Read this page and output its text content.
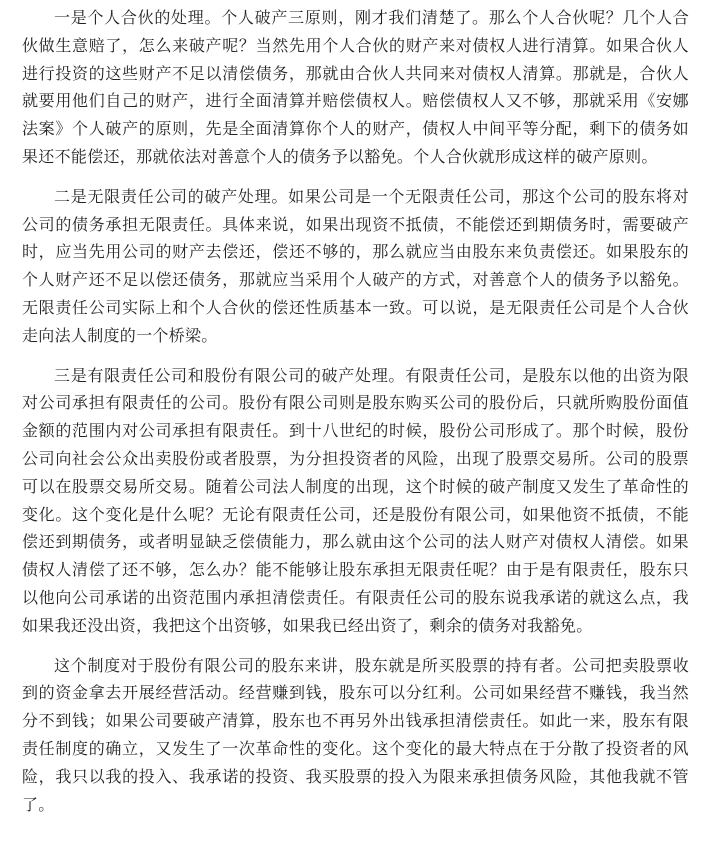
一是个人合伙的处理。个人破产三原则，刚才我们清楚了。那么个人合伙呢？几个人合伙做生意赔了，怎么来破产呢？当然先用个人合伙的财产来对债权人进行清算。如果合伙人进行投资的这些财产不足以清偿债务，那就由合伙人共同来对债权人清算。那就是，合伙人就要用他们自己的财产，进行全面清算并赔偿债权人。赔偿债权人又不够，那就采用《安娜法案》个人破产的原则，先是全面清算你个人的财产，债权人中间平等分配，剩下的债务如果还不能偿还，那就依法对善意个人的债务予以豁免。个人合伙就形成这样的破产原则。

二是无限责任公司的破产处理。如果公司是一个无限责任公司，那这个公司的股东将对公司的债务承担无限责任。具体来说，如果出现资不抵债，不能偿还到期债务时，需要破产时，应当先用公司的财产去偿还，偿还不够的，那么就应当由股东来负责偿还。如果股东的个人财产还不足以偿还债务，那就应当采用个人破产的方式，对善意个人的债务予以豁免。无限责任公司实际上和个人合伙的偿还性质基本一致。可以说，是无限责任公司是个人合伙走向法人制度的一个桥梁。

三是有限责任公司和股份有限公司的破产处理。有限责任公司，是股东以他的出资为限对公司承担有限责任的公司。股份有限公司则是股东购买公司的股份后，只就所购股份面值金额的范围内对公司承担有限责任。到十八世纪的时候，股份公司形成了。那个时候，股份公司向社会公众出卖股份或者股票，为分担投资者的风险，出现了股票交易所。公司的股票可以在股票交易所交易。随着公司法人制度的出现，这个时候的破产制度又发生了革命性的变化。这个变化是什么呢？无论有限责任公司，还是股份有限公司，如果他资不抵债，不能偿还到期债务，或者明显缺乏偿债能力，那么就由这个公司的法人财产对债权人清偿。如果债权人清偿了还不够，怎么办？能不能够让股东承担无限责任呢？由于是有限责任，股东只以他向公司承诺的出资范围内承担清偿责任。有限责任公司的股东说我承诺的就这么点，我如果我还没出资，我把这个出资够，如果我已经出资了，剩余的债务对我豁免。

这个制度对于股份有限公司的股东来讲，股东就是所买股票的持有者。公司把卖股票收到的资金拿去开展经营活动。经营赚到钱，股东可以分红利。公司如果经营不赚钱，我当然分不到钱；如果公司要破产清算，股东也不再另外出钱承担清偿责任。如此一来，股东有限责任制度的确立，又发生了一次革命性的变化。这个变化的最大特点在于分散了投资者的风险，我只以我的投入、我承诺的投资、我买股票的投入为限来承担债务风险，其他我就不管了。
